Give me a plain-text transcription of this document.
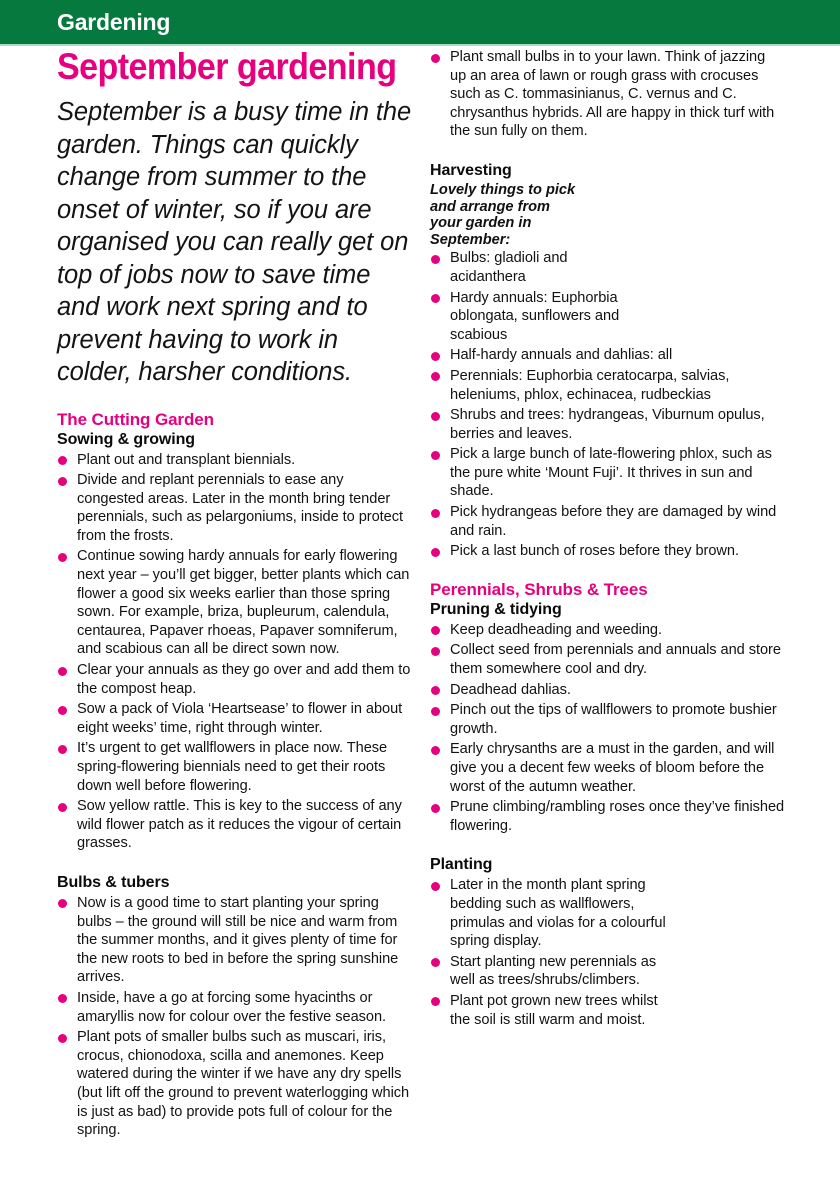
Gardening
September gardening

September is a busy time in the garden. Things can quickly change from summer to the onset of winter, so if you are organised you can really get on top of jobs now to save time and work next spring and to prevent having to work in colder, harsher conditions.

The Cutting Garden
Sowing & growing
Plant out and transplant biennials.
Divide and replant perennials to ease any congested areas. Later in the month bring tender perennials, such as pelargoniums, inside to protect from the frosts.
Continue sowing hardy annuals for early flowering next year – you’ll get bigger, better plants which can flower a good six weeks earlier than those spring sown. For example, briza, bupleurum, calendula, centaurea, Papaver rhoeas, Papaver somniferum, and scabious can all be direct sown now.
Clear your annuals as they go over and add them to the compost heap.
Sow a pack of Viola ‘Heartsease’ to flower in about eight weeks’ time, right through winter.
It’s urgent to get wallflowers in place now. These spring-flowering biennials need to get their roots down well before flowering.
Sow yellow rattle. This is key to the success of any wild flower patch as it reduces the vigour of certain grasses.
Bulbs & tubers
Now is a good time to start planting your spring bulbs – the ground will still be nice and warm from the summer months, and it gives plenty of time for the new roots to bed in before the spring sunshine arrives.
Inside, have a go at forcing some hyacinths or amaryllis now for colour over the festive season.
Plant pots of smaller bulbs such as muscari, iris, crocus, chionodoxa, scilla and anemones. Keep watered during the winter if we have any dry spells (but lift off the ground to prevent waterlogging which is just as bad) to provide pots full of colour for the spring.
Plant small bulbs in to your lawn. Think of jazzing up an area of lawn or rough grass with crocuses such as C. tommasinianus, C. vernus and C. chrysanthus hybrids. All are happy in thick turf with the sun fully on them.
Harvesting

Lovely things to pick and arrange from your garden in September:

Bulbs: gladioli and acidanthera
Hardy annuals: Euphorbia oblongata, sunflowers and scabious
Half-hardy annuals and dahlias: all
Perennials: Euphorbia ceratocarpa, salvias, heleniums, phlox, echinacea, rudbeckias
Shrubs and trees: hydrangeas, Viburnum opulus, berries and leaves.
Pick a large bunch of late-flowering phlox, such as the pure white ‘Mount Fuji’. It thrives in sun and shade.
Pick hydrangeas before they are damaged by wind and rain.
Pick a last bunch of roses before they brown.
Perennials, Shrubs & Trees
Pruning & tidying
Keep deadheading and weeding.
Collect seed from perennials and annuals and store them somewhere cool and dry.
Deadhead dahlias.
Pinch out the tips of wallflowers to promote bushier growth.
Early chrysanths are a must in the garden, and will give you a decent few weeks of bloom before the worst of the autumn weather.
Prune climbing/rambling roses once they’ve finished flowering.
Planting
Later in the month plant spring bedding such as wallflowers, primulas and violas for a colourful spring display.
Start planting new perennials as well as trees/shrubs/climbers.
Plant pot grown new trees whilst the soil is still warm and moist.
